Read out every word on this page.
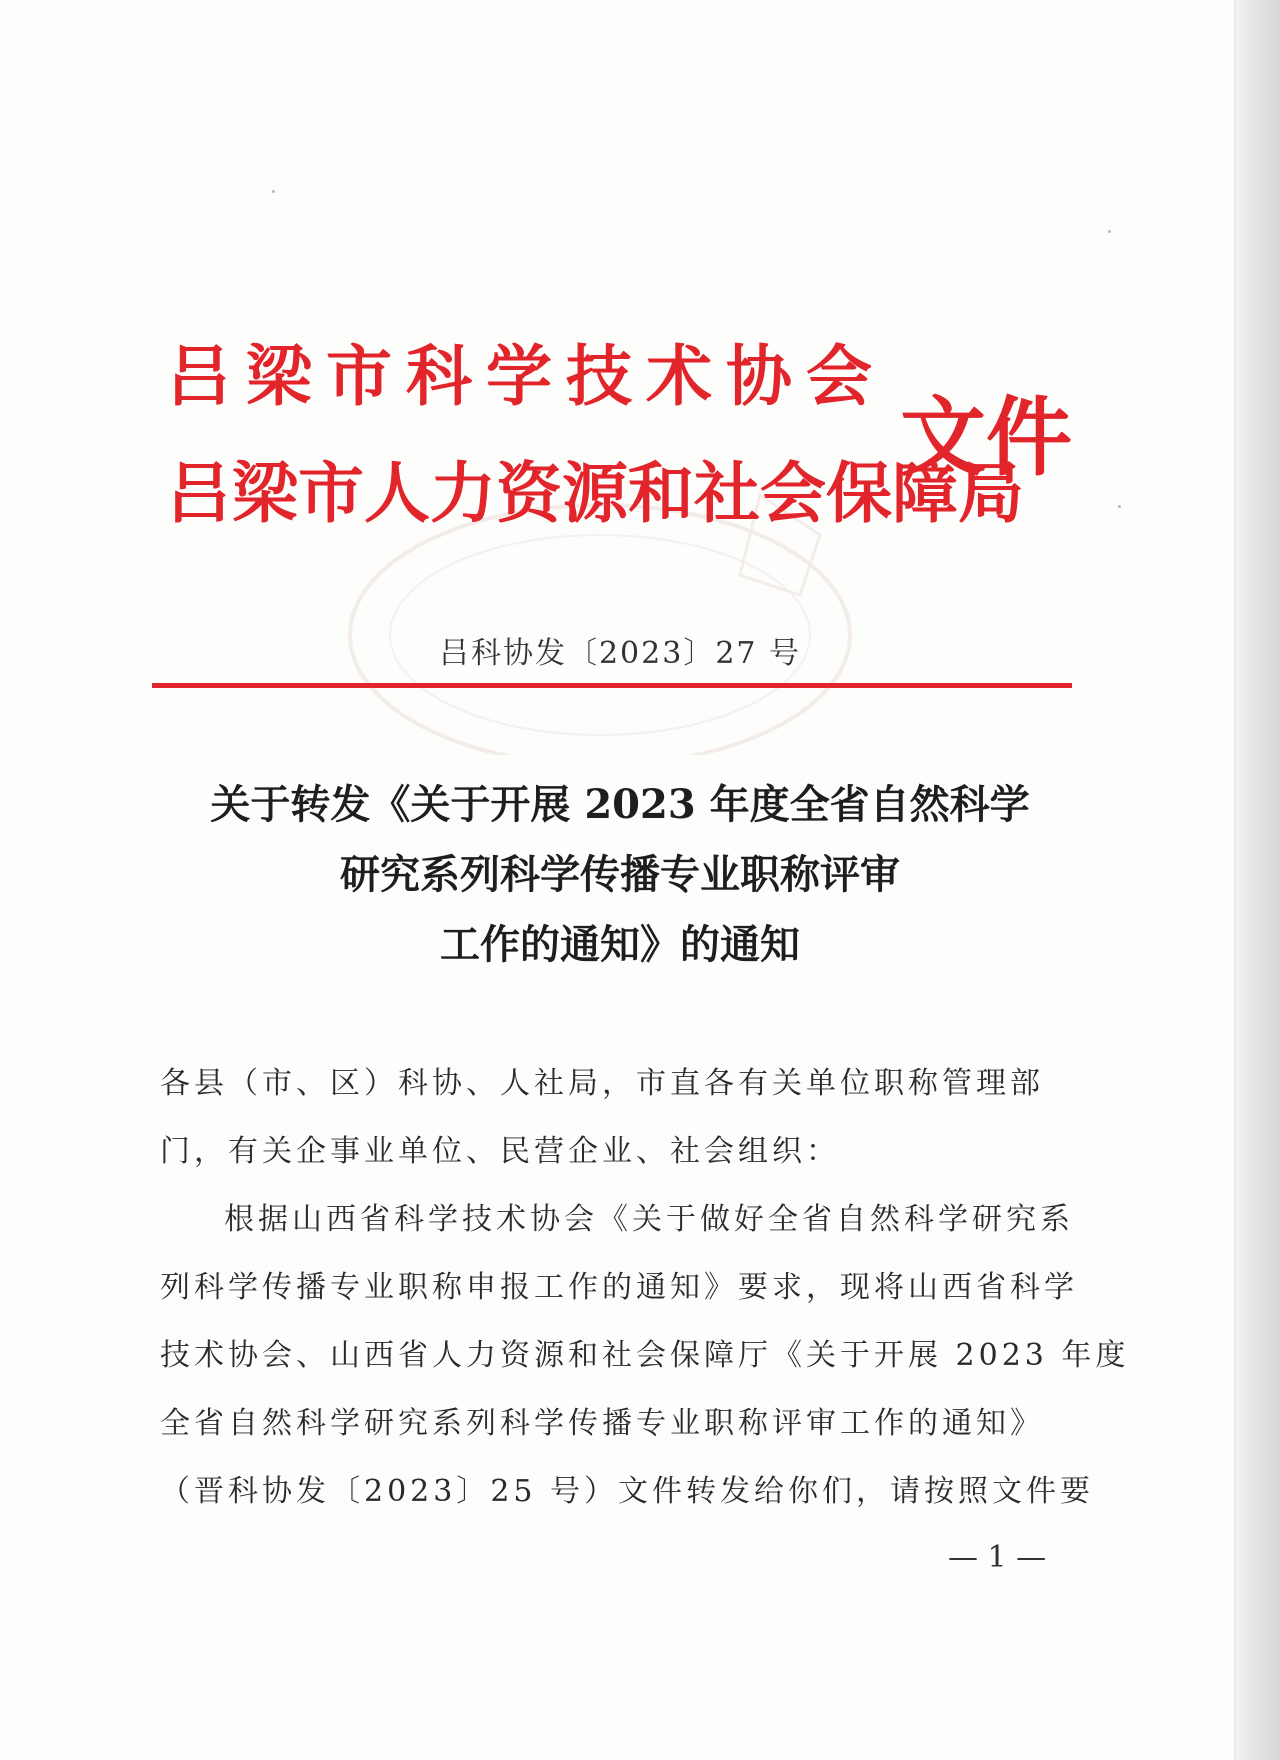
吕梁市科学技术协会
吕梁市人力资源和社会保障局
文件
吕科协发〔2023〕27 号
关于转发《关于开展 2023 年度全省自然科学
研究系列科学传播专业职称评审
工作的通知》的通知
各县（市、区）科协、人社局，市直各有关单位职称管理部
门，有关企事业单位、民营企业、社会组织：
根据山西省科学技术协会《关于做好全省自然科学研究系
列科学传播专业职称申报工作的通知》要求，现将山西省科学
技术协会、山西省人力资源和社会保障厅《关于开展 2023 年度
全省自然科学研究系列科学传播专业职称评审工作的通知》
（晋科协发〔2023〕25 号）文件转发给你们，请按照文件要
— 1 —
